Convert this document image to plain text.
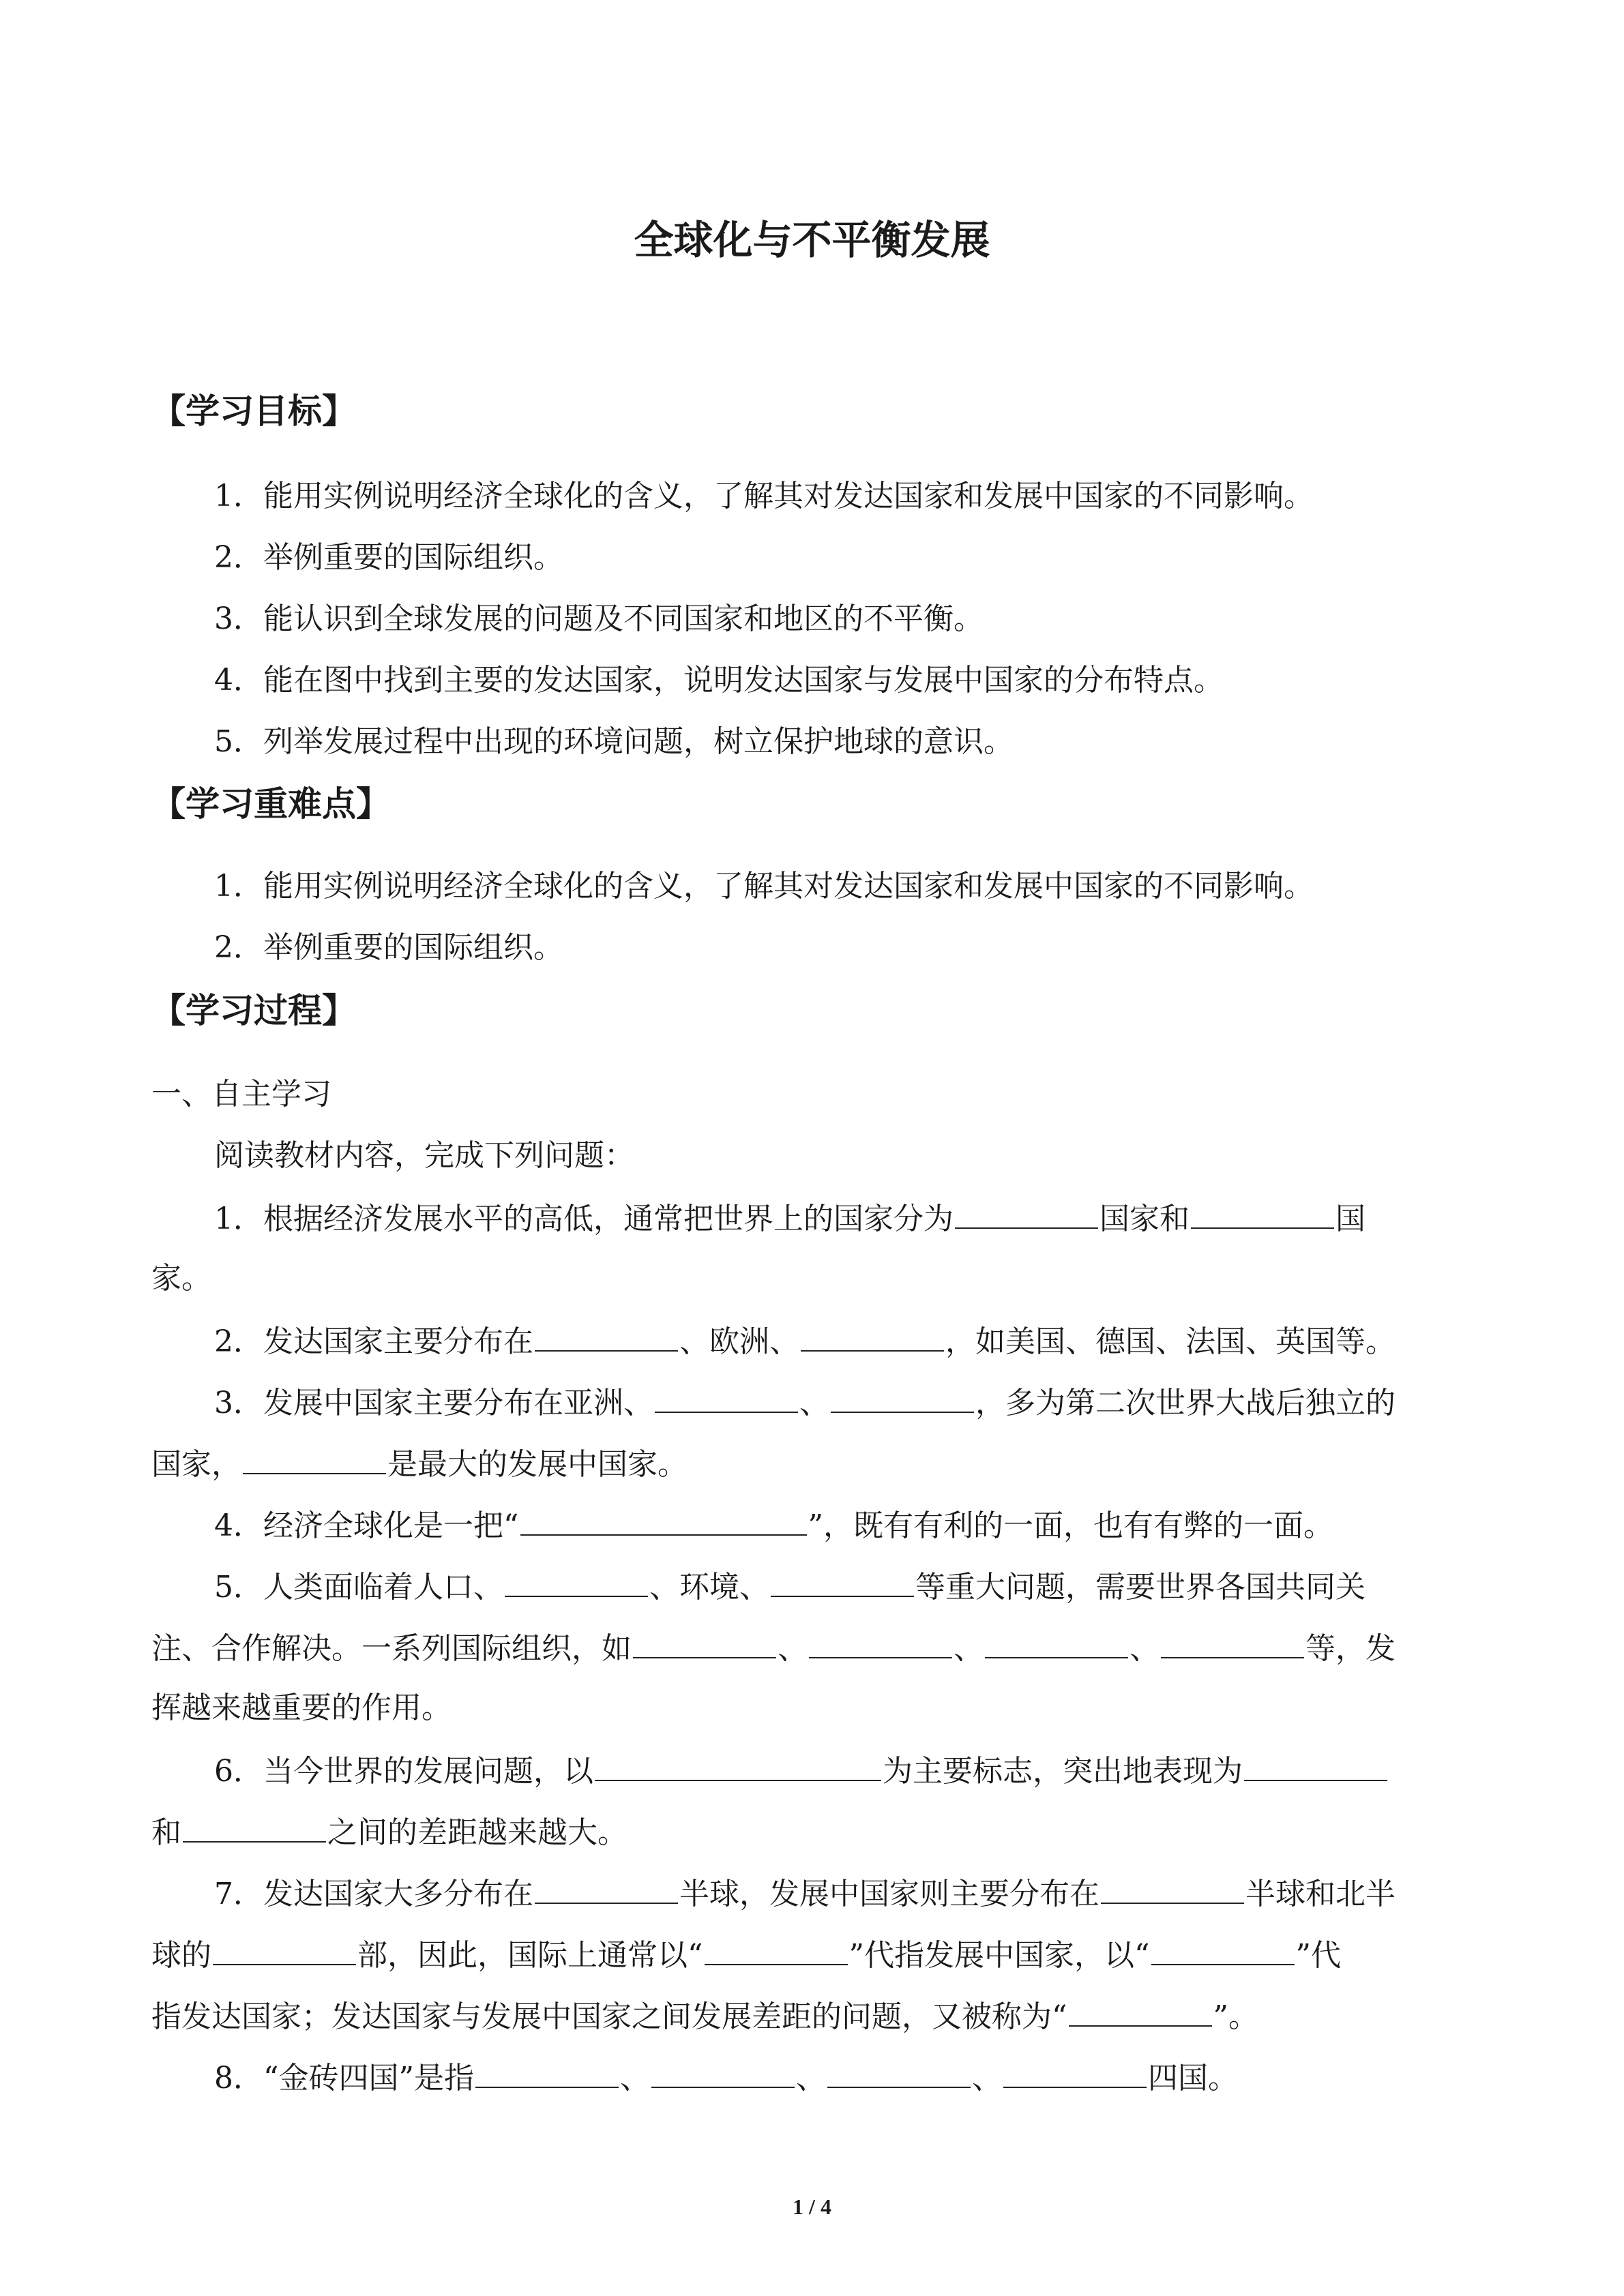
全球化与不平衡发展
【学习目标】
1．能用实例说明经济全球化的含义，了解其对发达国家和发展中国家的不同影响。
2．举例重要的国际组织。
3．能认识到全球发展的问题及不同国家和地区的不平衡。
4．能在图中找到主要的发达国家，说明发达国家与发展中国家的分布特点。
5．列举发展过程中出现的环境问题，树立保护地球的意识。
【学习重难点】
1．能用实例说明经济全球化的含义，了解其对发达国家和发展中国家的不同影响。
2．举例重要的国际组织。
【学习过程】
一、自主学习
阅读教材内容，完成下列问题：
1．根据经济发展水平的高低，通常把世界上的国家分为	国家和	国
家。
2．发达国家主要分布在	、欧洲、	，如美国、德国、法国、英国等。
3．发展中国家主要分布在亚洲、	、	，多为第二次世界大战后独立的
国家，	是最大的发展中国家。
4．经济全球化是一把“	”，既有有利的一面，也有有弊的一面。
5．人类面临着人口、	、环境、	等重大问题，需要世界各国共同关
注、合作解决。一系列国际组织，如	、	、	、	等，发
挥越来越重要的作用。
6．当今世界的发展问题，以	为主要标志，突出地表现为
和	之间的差距越来越大。
7．发达国家大多分布在	半球，发展中国家则主要分布在	半球和北半
球的	部，因此，国际上通常以“	”代指发展中国家，以“	”代
指发达国家；发达国家与发展中国家之间发展差距的问题，又被称为“	”。
8．“金砖四国”是指	、	、	、	四国。
1 / 4
